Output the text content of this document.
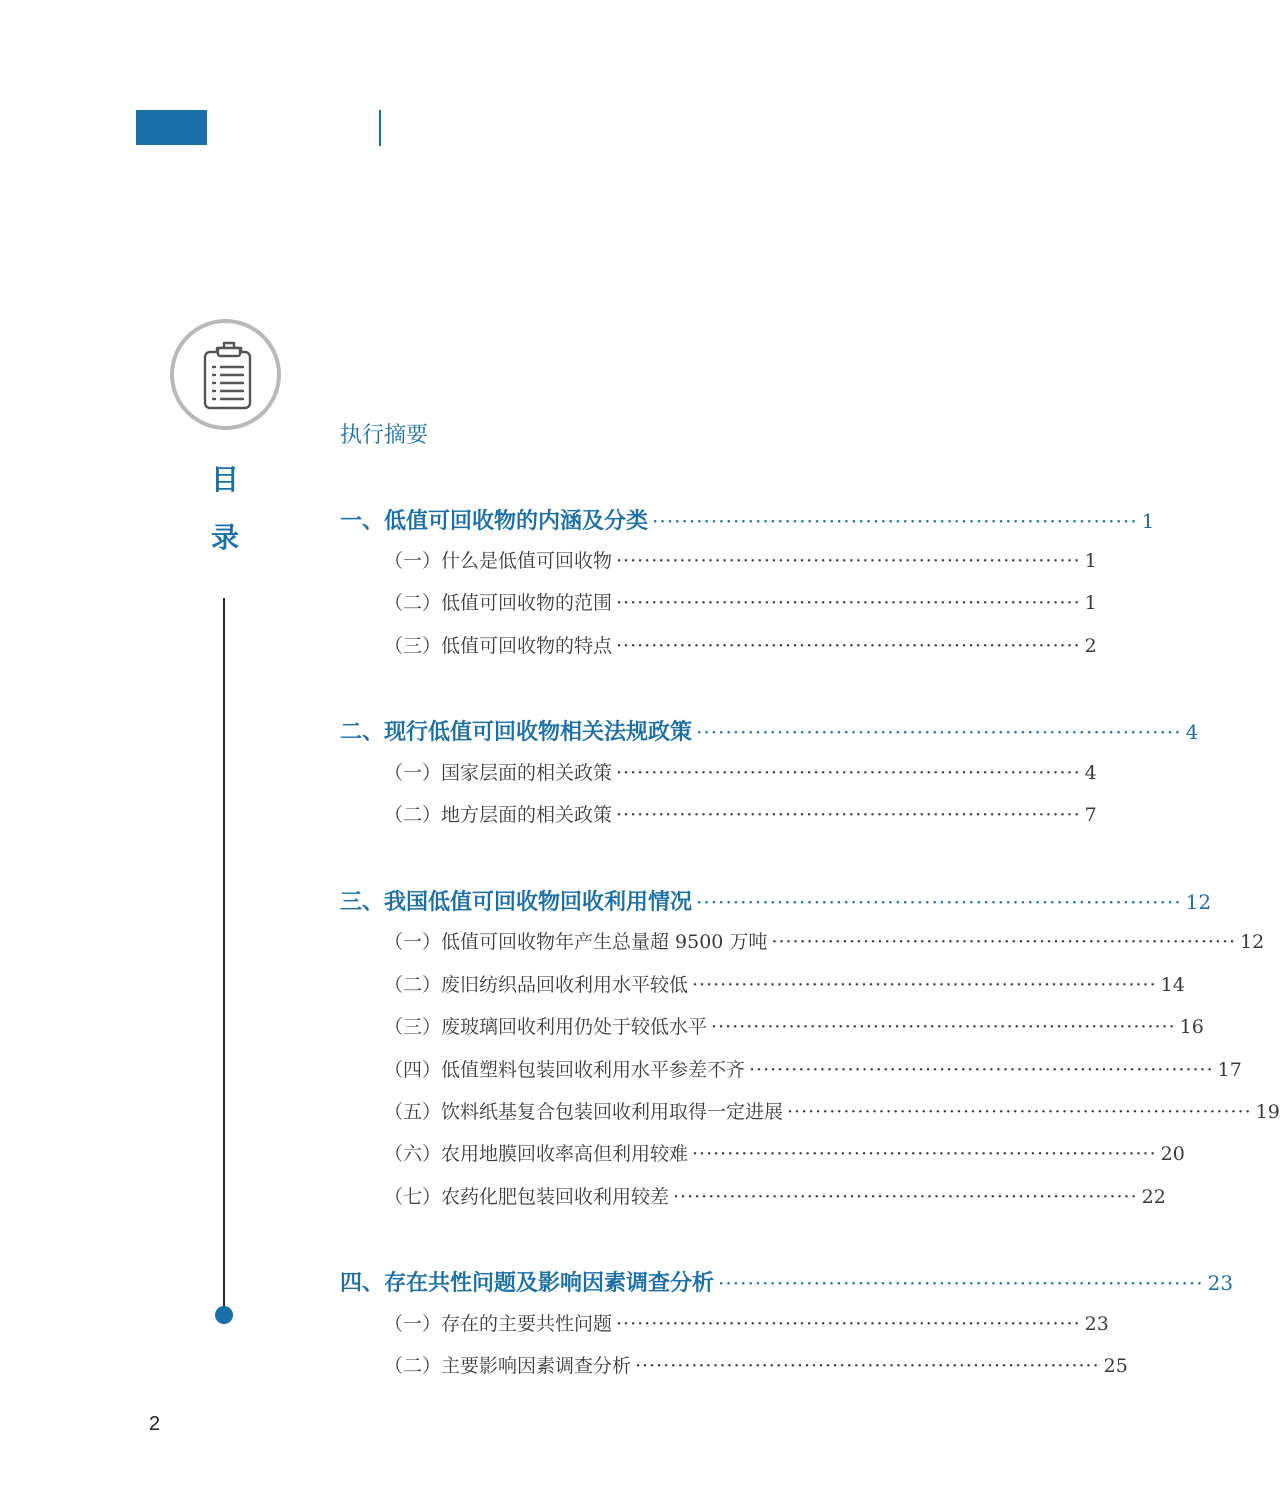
目
录
执行摘要
一、低值可回收物的内涵及分类 ·································································· 1
（一）什么是低值可回收物 ·································································· 1
（二）低值可回收物的范围 ·································································· 1
（三）低值可回收物的特点 ·································································· 2
二、现行低值可回收物相关法规政策 ·································································· 4
（一）国家层面的相关政策 ·································································· 4
（二）地方层面的相关政策 ·································································· 7
三、我国低值可回收物回收利用情况 ·································································· 12
（一）低值可回收物年产生总量超 9500 万吨 ·································································· 12
（二）废旧纺织品回收利用水平较低 ·································································· 14
（三）废玻璃回收利用仍处于较低水平 ·································································· 16
（四）低值塑料包装回收利用水平参差不齐 ·································································· 17
（五）饮料纸基复合包装回收利用取得一定进展 ·································································· 19
（六）农用地膜回收率高但利用较难 ·································································· 20
（七）农药化肥包装回收利用较差 ·································································· 22
四、存在共性问题及影响因素调查分析 ·································································· 23
（一）存在的主要共性问题 ·································································· 23
（二）主要影响因素调查分析 ·································································· 25
2
